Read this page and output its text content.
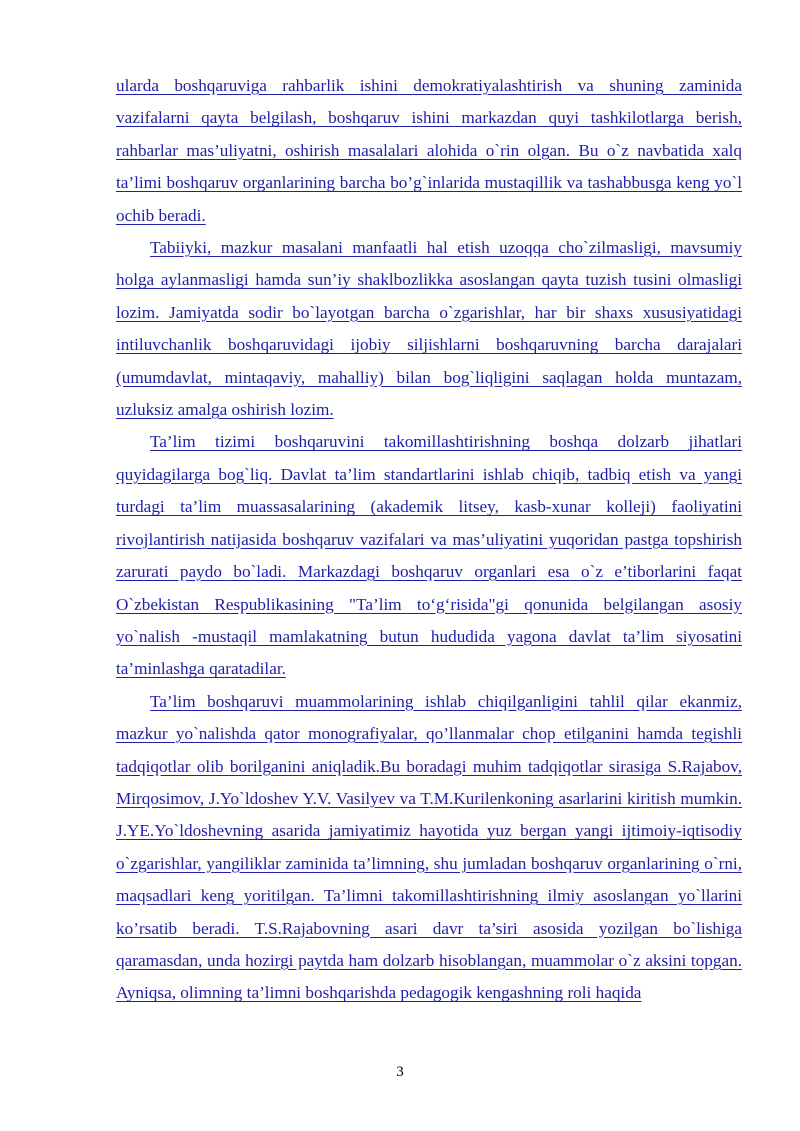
ularda boshqaruviga rahbarlik ishini demokratiyalashtirish va shuning zaminida vazifalarni qayta belgilash, boshqaruv ishini markazdan quyi tashkilotlarga berish, rahbarlar mas’uliyatni, oshirish masalalari alohida o`rin olgan. Bu o`z navbatida xalq ta’limi boshqaruv organlarining barcha bo’g`inlarida mustaqillik va tashabbusga keng yo`l ochib beradi.

Tabiiyki, mazkur masalani manfaatli hal etish uzoqqa cho`zilmasligi, mavsumiy holga aylanmasligi hamda sun’iy shaklbozlikka asoslangan qayta tuzish tusini olmasligi lozim. Jamiyatda sodir bo`layotgan barcha o`zgarishlar, har bir shaxs xususiyatidagi intiluvchanlik boshqaruvidagi ijobiy siljishlarni boshqaruvning barcha darajalari (umumdavlat, mintaqaviy, mahalliy) bilan bog`liqligini saqlagan holda muntazam, uzluksiz amalga oshirish lozim.

Ta’lim tizimi boshqaruvini takomillashtirishning boshqa dolzarb jihatlari quyidagilarga bog`liq. Davlat ta’lim standartlarini ishlab chiqib, tadbiq etish va yangi turdagi ta’lim muassasalarining (akademik litsey, kasb-xunar kolleji) faoliyatini rivojlantirish natijasida boshqaruv vazifalari va mas’uliyatini yuqoridan pastga topshirish zarurati paydo bo`ladi. Markazdagi boshqaruv organlari esa o`z e’tiborlarini faqat O`zbekistan Respublikasining "Ta’lim to‘g‘risida"gi qonunida belgilangan asosiy yo`nalish -mustaqil mamlakatning butun hududida yagona davlat ta’lim siyosatini ta’minlashga qaratadilar.

Ta’lim boshqaruvi muammolarining ishlab chiqilganligini tahlil qilar ekanmiz, mazkur yo`nalishda qator monografiyalar, qo’llanmalar chop etilganini hamda tegishli tadqiqotlar olib borilganini aniqladik.Bu boradagi muhim tadqiqotlar sirasiga S.Rajabov, Mirqosimov, J.Yo`ldoshev Y.V. Vasilyev va T.M.Kurilenkoning asarlarini kiritish mumkin. J.YE.Yo`ldoshevning asarida jamiyatimiz hayotida yuz bergan yangi ijtimoiy-iqtisodiy o`zgarishlar, yangiliklar zaminida ta’limning, shu jumladan boshqaruv organlarining o`rni, maqsadlari keng yoritilgan. Ta’limni takomillashtirishning ilmiy asoslangan yo`llarini ko’rsatib beradi. T.S.Rajabovning asari davr ta’siri asosida yozilgan bo`lishiga qaramasdan, unda hozirgi paytda ham dolzarb hisoblangan, muammolar o`z aksini topgan. Ayniqsa, olimning ta’limni boshqarishda pedagogik kengashning roli haqida

3
